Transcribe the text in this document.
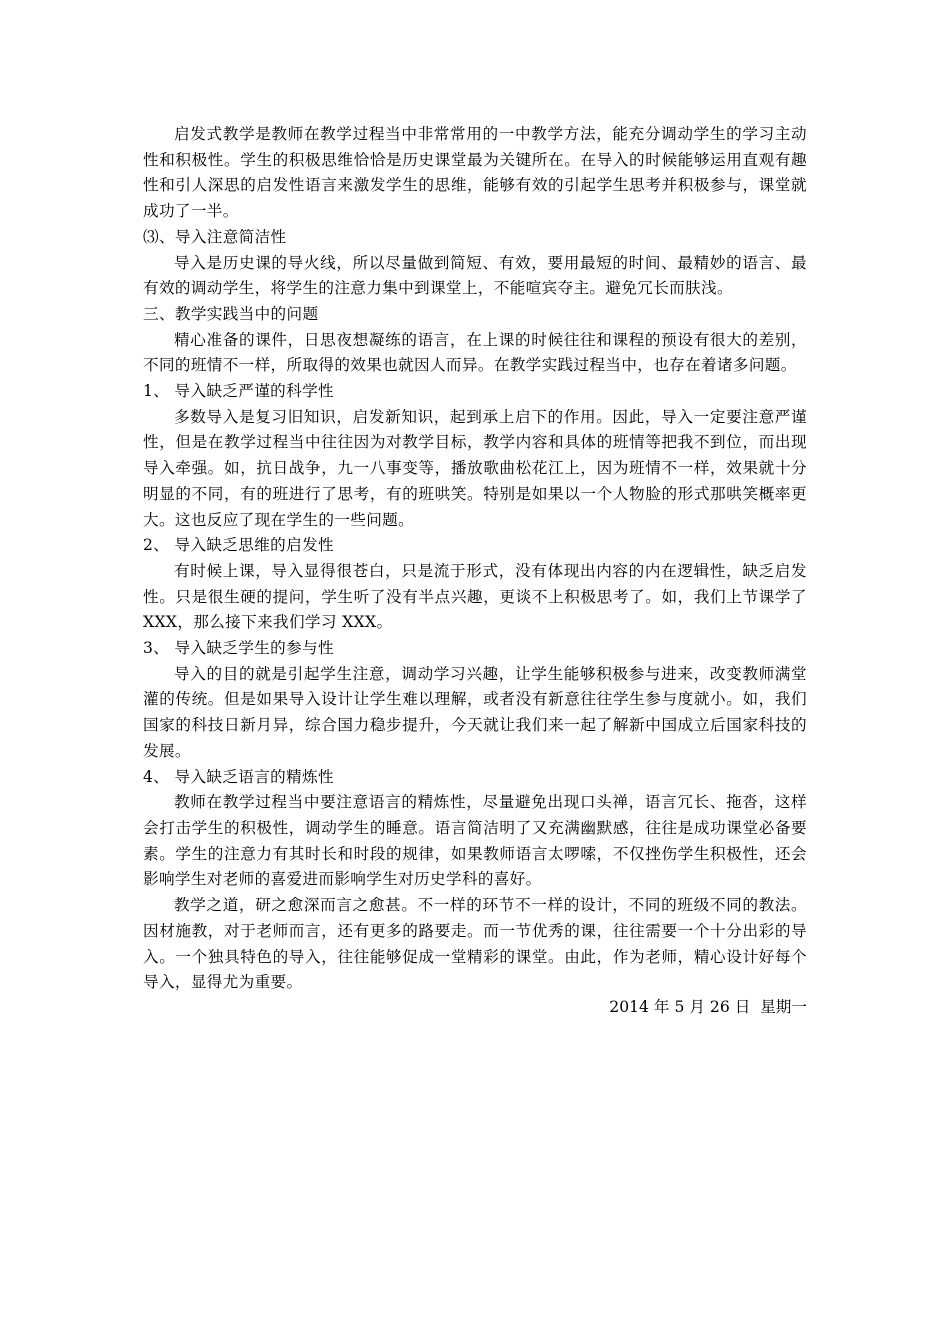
启发式教学是教师在教学过程当中非常常用的一中教学方法，能充分调动学生的学习主动性和积极性。学生的积极思维恰恰是历史课堂最为关键所在。在导入的时候能够运用直观有趣性和引人深思的启发性语言来激发学生的思维，能够有效的引起学生思考并积极参与，课堂就成功了一半。

⑶、导入注意简洁性

导入是历史课的导火线，所以尽量做到简短、有效，要用最短的时间、最精妙的语言、最有效的调动学生，将学生的注意力集中到课堂上，不能喧宾夺主。避免冗长而肤浅。

三、教学实践当中的问题

精心准备的课件，日思夜想凝练的语言，在上课的时候往往和课程的预设有很大的差别，不同的班情不一样，所取得的效果也就因人而异。在教学实践过程当中，也存在着诸多问题。

1、 导入缺乏严谨的科学性

多数导入是复习旧知识，启发新知识，起到承上启下的作用。因此，导入一定要注意严谨性，但是在教学过程当中往往因为对教学目标，教学内容和具体的班情等把我不到位，而出现导入牵强。如，抗日战争，九一八事变等，播放歌曲松花江上，因为班情不一样，效果就十分明显的不同，有的班进行了思考，有的班哄笑。特别是如果以一个人物脸的形式那哄笑概率更大。这也反应了现在学生的一些问题。

2、 导入缺乏思维的启发性

有时候上课，导入显得很苍白，只是流于形式，没有体现出内容的内在逻辑性，缺乏启发性。只是很生硬的提问，学生听了没有半点兴趣，更谈不上积极思考了。如，我们上节课学了XXX，那么接下来我们学习 XXX。

3、 导入缺乏学生的参与性

导入的目的就是引起学生注意，调动学习兴趣，让学生能够积极参与进来，改变教师满堂灌的传统。但是如果导入设计让学生难以理解，或者没有新意往往学生参与度就小。如，我们国家的科技日新月异，综合国力稳步提升，今天就让我们来一起了解新中国成立后国家科技的发展。

4、 导入缺乏语言的精炼性

教师在教学过程当中要注意语言的精炼性，尽量避免出现口头禅，语言冗长、拖沓，这样会打击学生的积极性，调动学生的睡意。语言简洁明了又充满幽默感，往往是成功课堂必备要素。学生的注意力有其时长和时段的规律，如果教师语言太啰嗦，不仅挫伤学生积极性，还会影响学生对老师的喜爱进而影响学生对历史学科的喜好。

教学之道，研之愈深而言之愈甚。不一样的环节不一样的设计，不同的班级不同的教法。因材施教，对于老师而言，还有更多的路要走。而一节优秀的课，往往需要一个十分出彩的导入。一个独具特色的导入，往往能够促成一堂精彩的课堂。由此，作为老师，精心设计好每个导入，显得尤为重要。

2014 年 5 月 26 日  星期一
